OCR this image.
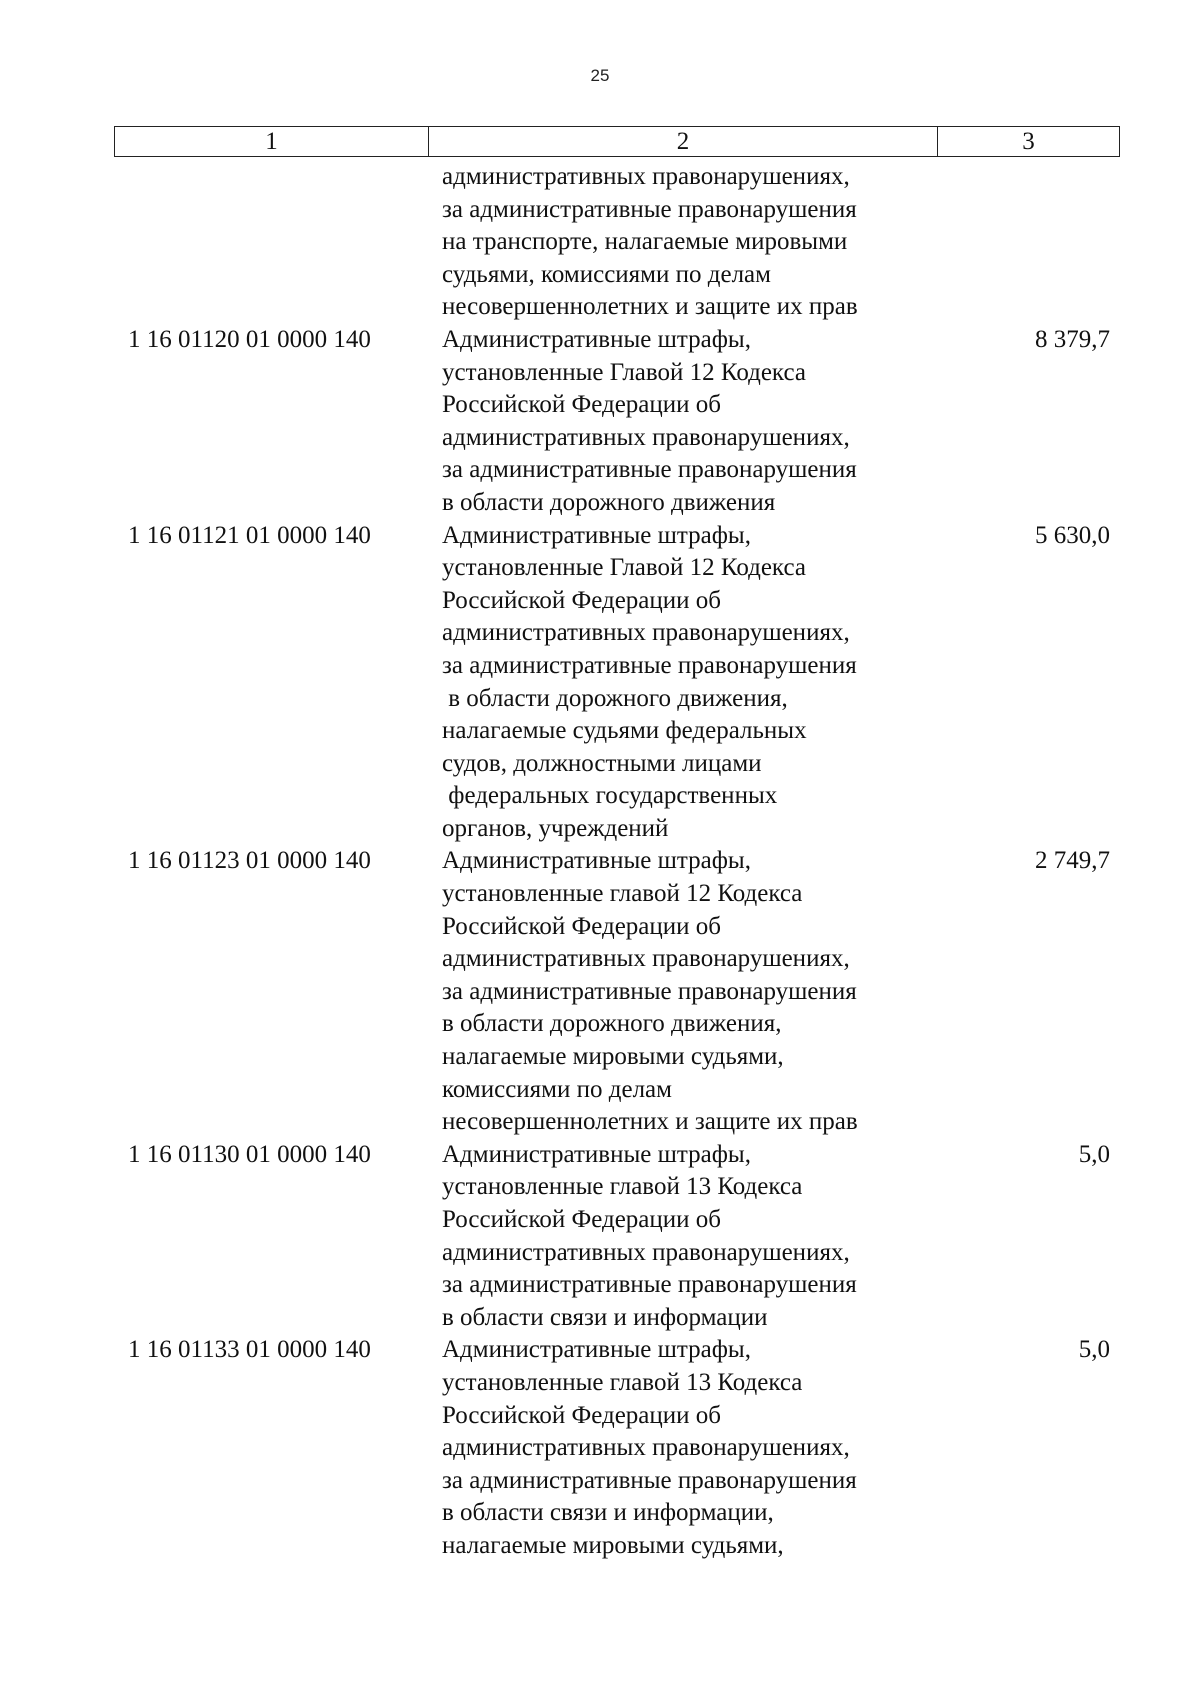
25
1	2	3
административных правонарушениях,
за административные правонарушения
на транспорте, налагаемые мировыми
судьями, комиссиями по делам
несовершеннолетних и защите их прав
1 16 01120 01 0000 140	Административные штрафы,
установленные Главой 12 Кодекса
Российской Федерации об
административных правонарушениях,
за административные правонарушения
в области дорожного движения
8 379,7
1 16 01121 01 0000 140	Административные штрафы,
установленные Главой 12 Кодекса
Российской Федерации об
административных правонарушениях,
за административные правонарушения
в области дорожного движения,
налагаемые судьями федеральных
судов, должностными лицами
федеральных государственных
органов, учреждений
5 630,0
1 16 01123 01 0000 140	Административные штрафы,
установленные главой 12 Кодекса
Российской Федерации об
административных правонарушениях,
за административные правонарушения
в области дорожного движения,
налагаемые мировыми судьями,
комиссиями по делам
несовершеннолетних и защите их прав
2 749,7
1 16 01130 01 0000 140	Административные штрафы,
установленные главой 13 Кодекса
Российской Федерации об
административных правонарушениях,
за административные правонарушения
в области связи и информации
5,0
1 16 01133 01 0000 140	Административные штрафы,
установленные главой 13 Кодекса
Российской Федерации об
административных правонарушениях,
за административные правонарушения
в области связи и информации,
налагаемые мировыми судьями,
5,0
